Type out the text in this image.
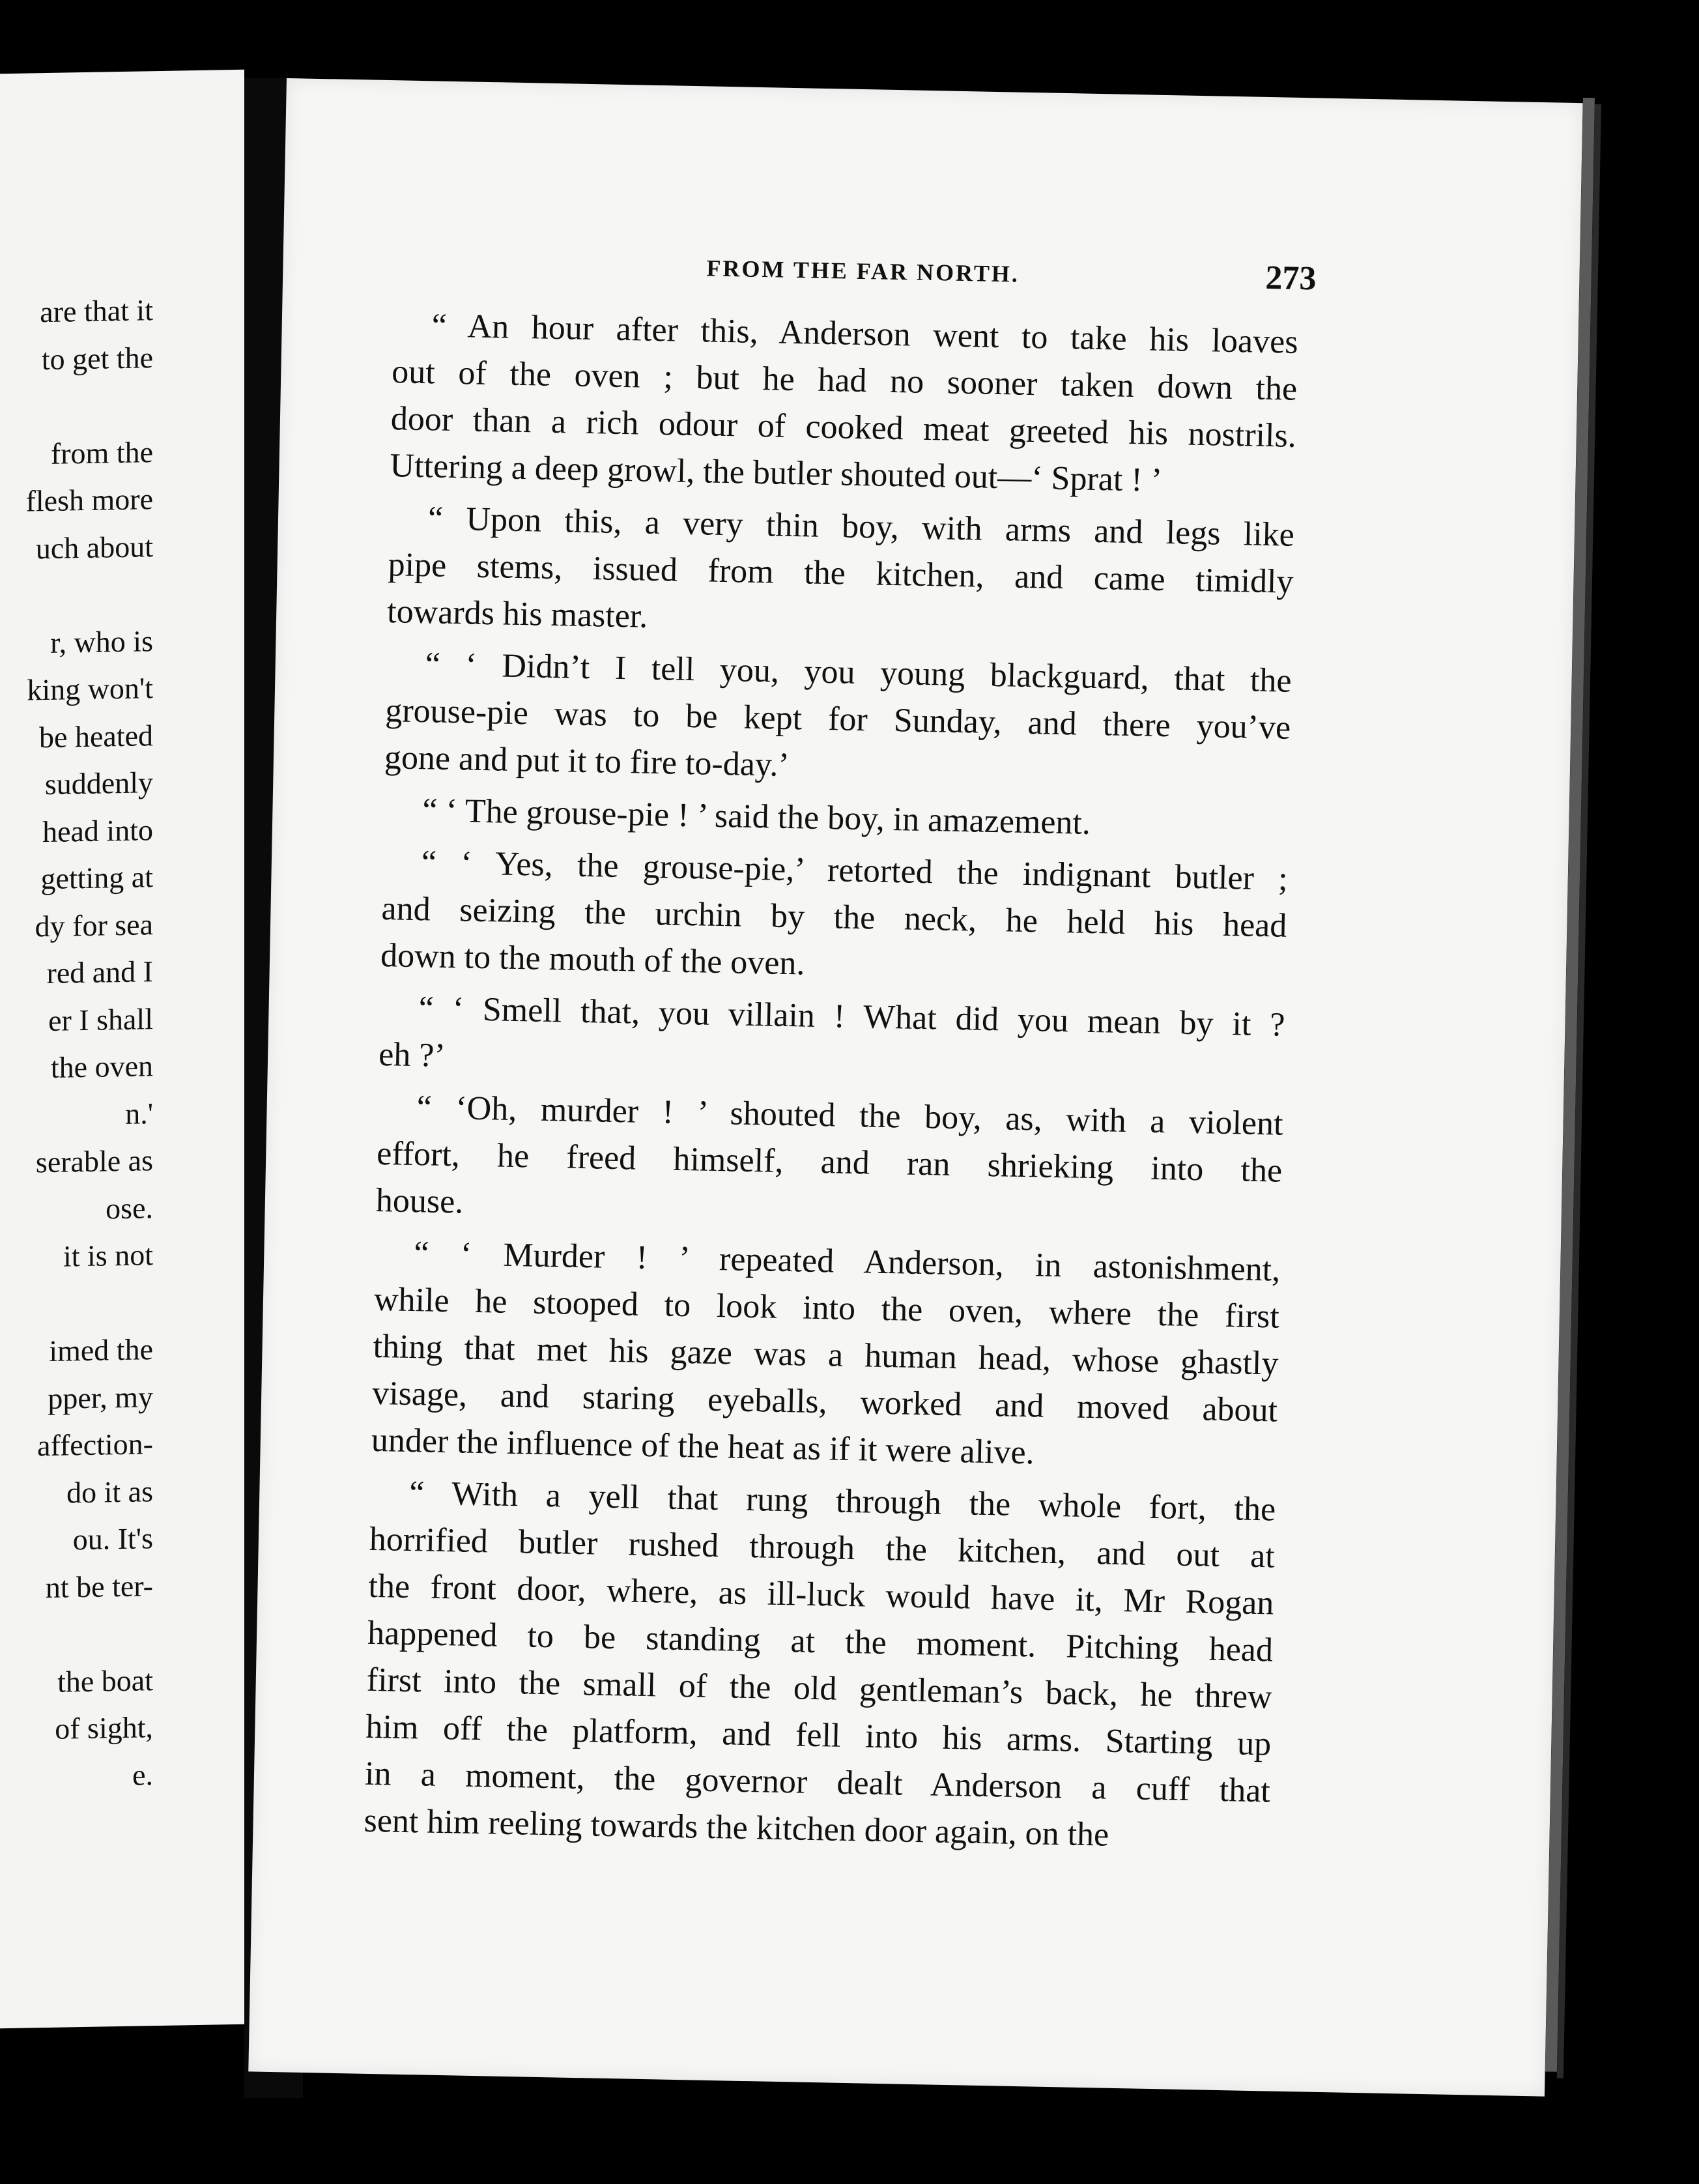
are that it
to get the
from the
flesh more
uch about
r, who is
king won't
be heated
suddenly
head into
getting at
dy for sea
red and I
er I shall
the oven
n.'
serable as
ose.
it is not
imed the
pper, my
affection-
do it as
ou. It's
nt be ter-
the boat
of sight,
e.
FROM THE FAR NORTH.	273
“ An hour after this, Anderson went to take his loaves
out of the oven ; but he had no sooner taken down the
door than a rich odour of cooked meat greeted his nostrils.
Uttering a deep growl, the butler shouted out—‘ Sprat ! ’
“ Upon this, a very thin boy, with arms and legs like
pipe stems, issued from the kitchen, and came timidly
towards his master.
“ ‘ Didn’t I tell you, you young blackguard, that the
grouse-pie was to be kept for Sunday, and there you’ve
gone and put it to fire to-day.’
“ ‘ The grouse-pie ! ’ said the boy, in amazement.
“ ‘ Yes, the grouse-pie,’ retorted the indignant butler ;
and seizing the urchin by the neck, he held his head
down to the mouth of the oven.
“ ‘ Smell that, you villain ! What did you mean by it ?
eh ?’
“ ‘Oh, murder ! ’ shouted the boy, as, with a violent
effort, he freed himself, and ran shrieking into the
house.
“ ‘ Murder ! ’ repeated Anderson, in astonishment,
while he stooped to look into the oven, where the first
thing that met his gaze was a human head, whose ghastly
visage, and staring eyeballs, worked and moved about
under the influence of the heat as if it were alive.
“ With a yell that rung through the whole fort, the
horrified butler rushed through the kitchen, and out at
the front door, where, as ill-luck would have it, Mr Rogan
happened to be standing at the moment. Pitching head
first into the small of the old gentleman’s back, he threw
him off the platform, and fell into his arms. Starting up
in a moment, the governor dealt Anderson a cuff that
sent him reeling towards the kitchen door again, on the
